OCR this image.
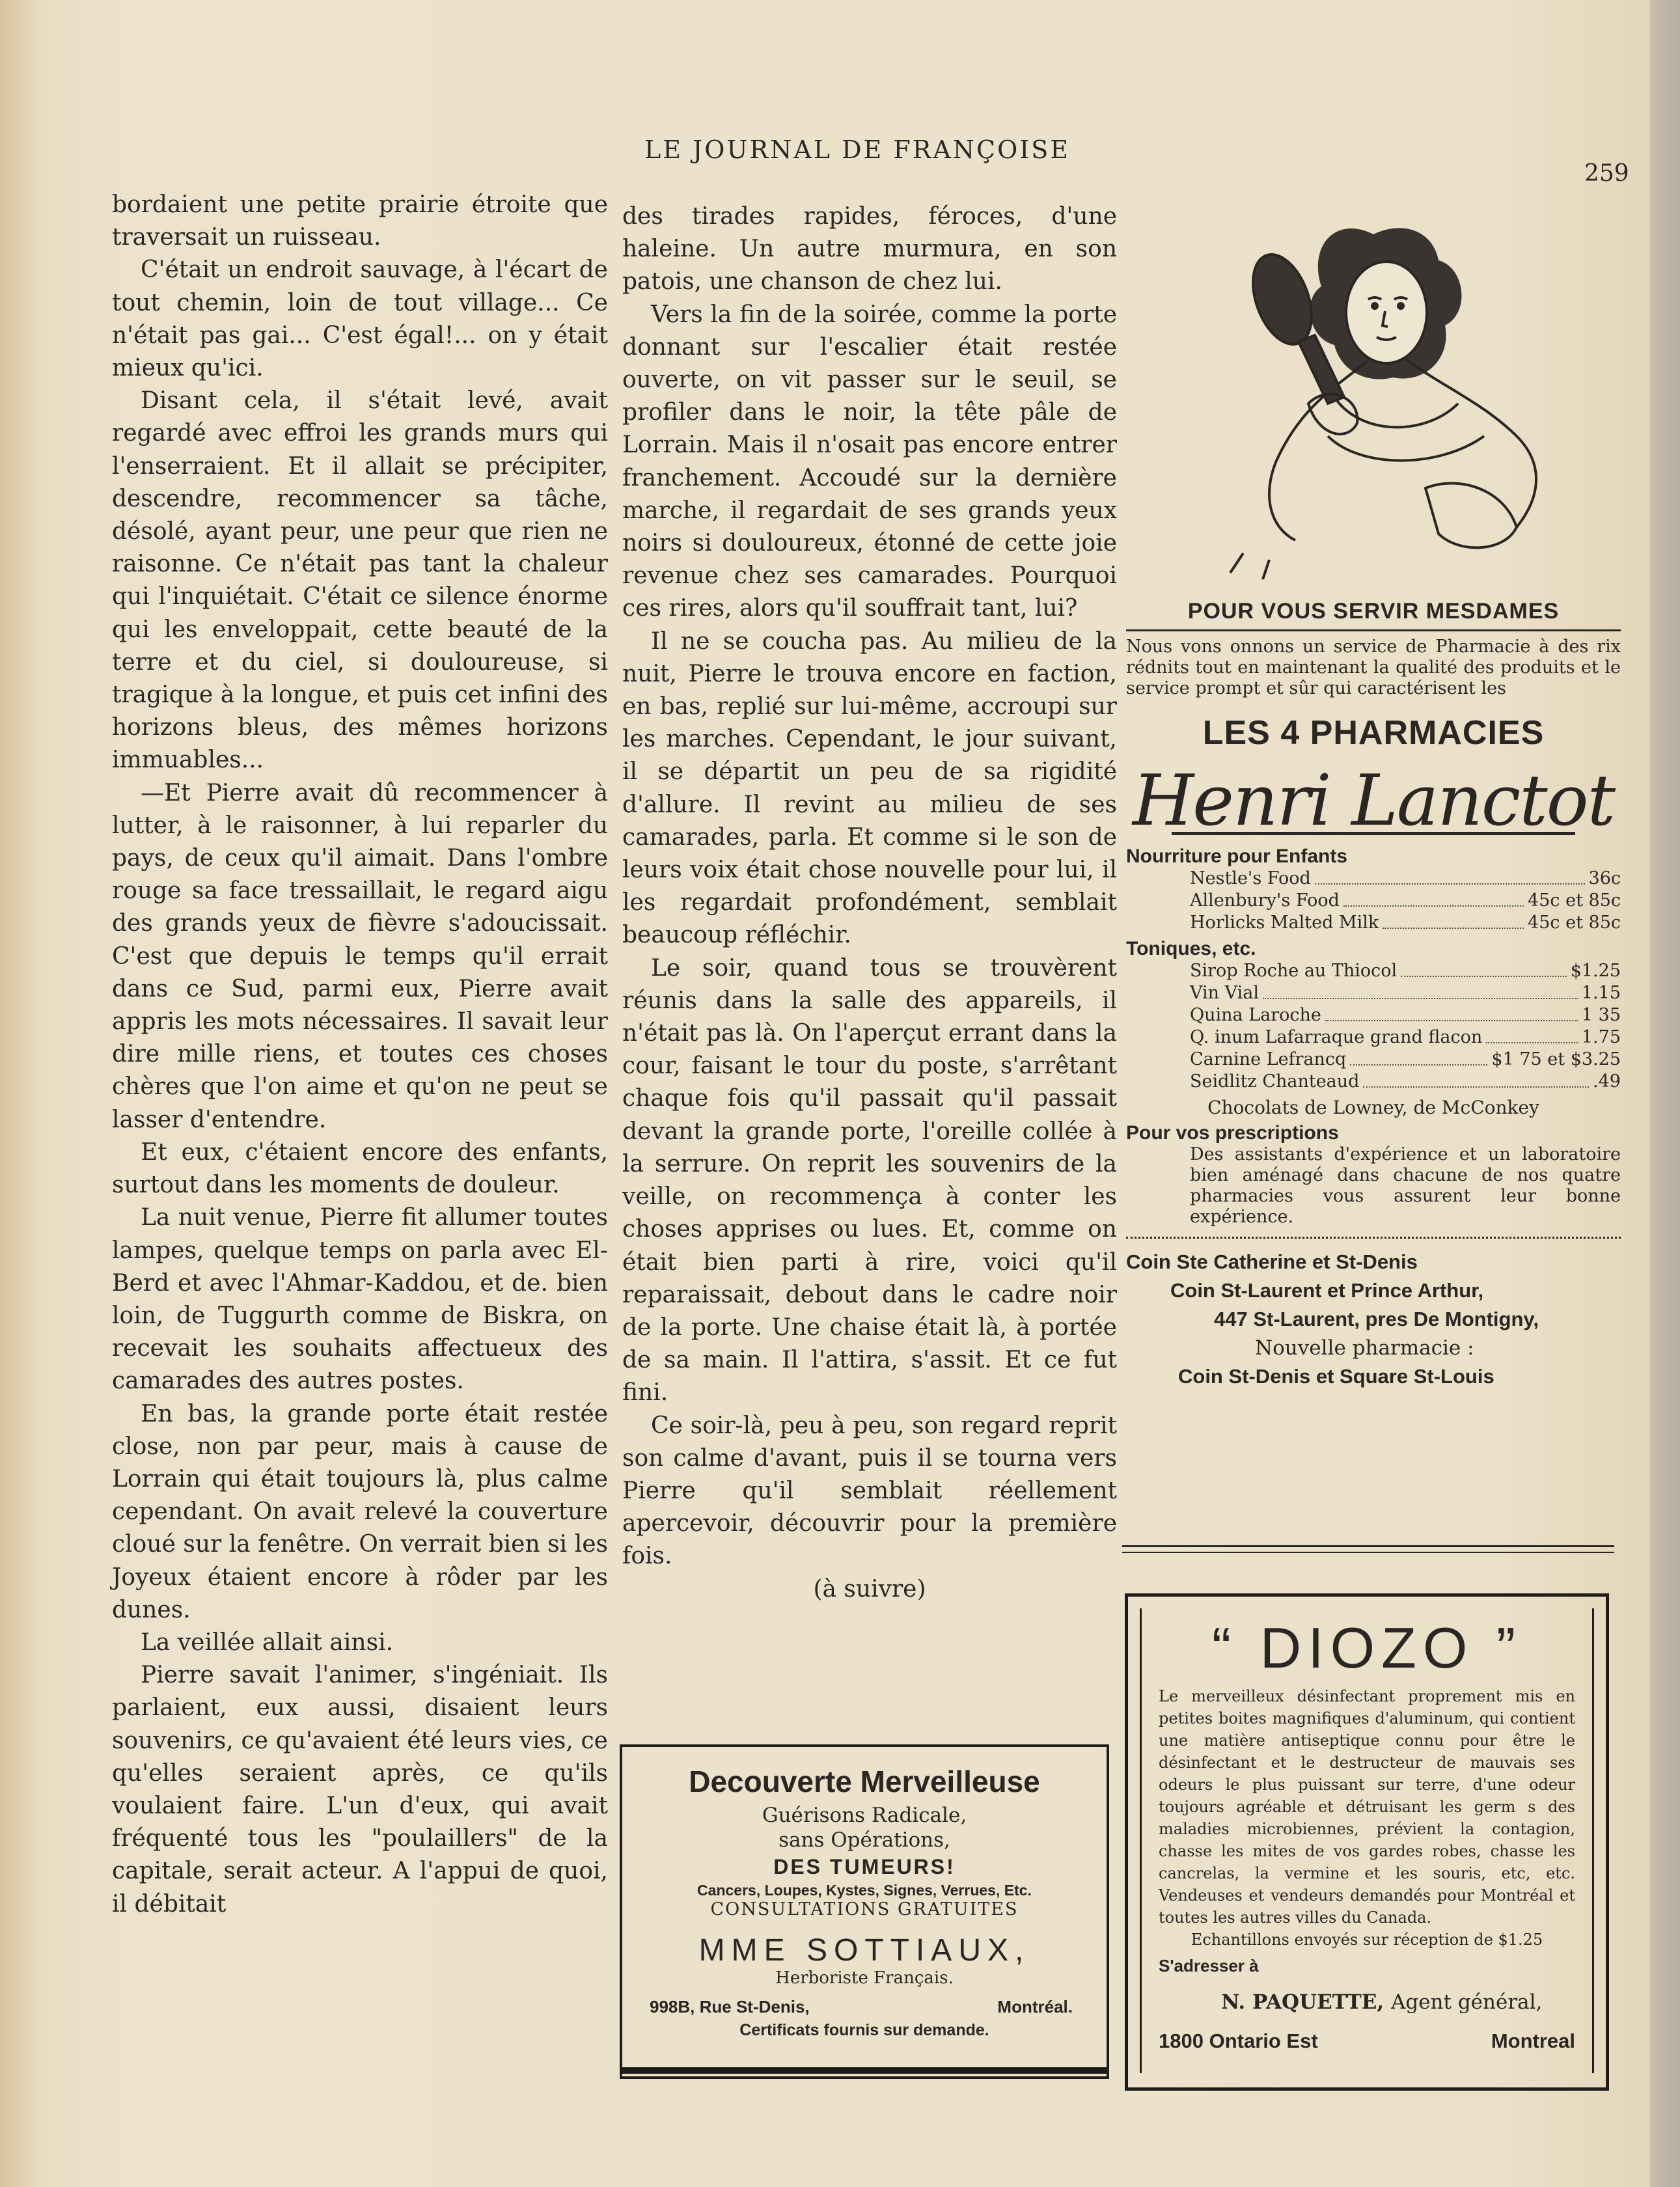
LE JOURNAL DE FRANÇOISE
259

bordaient une petite prairie étroite que traversait un ruisseau.

C'était un endroit sauvage, à l'écart de tout chemin, loin de tout village... Ce n'était pas gai... C'est égal!... on y était mieux qu'ici.

Disant cela, il s'était levé, avait regardé avec effroi les grands murs qui l'enserraient. Et il allait se précipiter, descendre, recommencer sa tâche, désolé, ayant peur, une peur que rien ne raisonne. Ce n'était pas tant la chaleur qui l'inquiétait. C'était ce silence énorme qui les enveloppait, cette beauté de la terre et du ciel, si douloureuse, si tragique à la longue, et puis cet infini des horizons bleus, des mêmes horizons immuables...

—Et Pierre avait dû recommencer à lutter, à le raisonner, à lui reparler du pays, de ceux qu'il aimait. Dans l'ombre rouge sa face tressaillait, le regard aigu des grands yeux de fièvre s'adoucissait. C'est que depuis le temps qu'il errait dans ce Sud, parmi eux, Pierre avait appris les mots nécessaires. Il savait leur dire mille riens, et toutes ces choses chères que l'on aime et qu'on ne peut se lasser d'entendre.

Et eux, c'étaient encore des enfants, surtout dans les moments de douleur.

La nuit venue, Pierre fit allumer toutes lampes, quelque temps on parla avec El-Berd et avec l'Ahmar-Kaddou, et de. bien loin, de Tuggurth comme de Biskra, on recevait les souhaits affectueux des camarades des autres postes.

En bas, la grande porte était restée close, non par peur, mais à cause de Lorrain qui était toujours là, plus calme cependant. On avait relevé la couverture cloué sur la fenêtre. On verrait bien si les Joyeux étaient encore à rôder par les dunes.

La veillée allait ainsi.

Pierre savait l'animer, s'ingéniait. Ils parlaient, eux aussi, disaient leurs souvenirs, ce qu'avaient été leurs vies, ce qu'elles seraient après, ce qu'ils voulaient faire. L'un d'eux, qui avait fréquenté tous les "poulaillers" de la capitale, serait acteur. A l'appui de quoi, il débitait

des tirades rapides, féroces, d'une haleine. Un autre murmura, en son patois, une chanson de chez lui.

Vers la fin de la soirée, comme la porte donnant sur l'escalier était restée ouverte, on vit passer sur le seuil, se profiler dans le noir, la tête pâle de Lorrain. Mais il n'osait pas encore entrer franchement. Accoudé sur la dernière marche, il regardait de ses grands yeux noirs si douloureux, étonné de cette joie revenue chez ses camarades. Pourquoi ces rires, alors qu'il souffrait tant, lui?

Il ne se coucha pas. Au milieu de la nuit, Pierre le trouva encore en faction, en bas, replié sur lui-même, accroupi sur les marches. Cependant, le jour suivant, il se départit un peu de sa rigidité d'allure. Il revint au milieu de ses camarades, parla. Et comme si le son de leurs voix était chose nouvelle pour lui, il les regardait profondément, semblait beaucoup réfléchir.

Le soir, quand tous se trouvèrent réunis dans la salle des appareils, il n'était pas là. On l'aperçut errant dans la cour, faisant le tour du poste, s'arrêtant chaque fois qu'il passait qu'il passait devant la grande porte, l'oreille collée à la serrure. On reprit les souvenirs de la veille, on recommença à conter les choses apprises ou lues. Et, comme on était bien parti à rire, voici qu'il reparaissait, debout dans le cadre noir de la porte. Une chaise était là, à portée de sa main. Il l'attira, s'assit. Et ce fut fini.

Ce soir-là, peu à peu, son regard reprit son calme d'avant, puis il se tourna vers Pierre qu'il semblait réellement apercevoir, découvrir pour la première fois.

(à suivre)

POUR VOUS SERVIR MESDAMES
Nous vons onnons un service de Pharmacie à des rix rédnits tout en maintenant la qualité des produits et le service prompt et sûr qui caractérisent les
LES 4 PHARMACIES
Henri Lanctot
Nourriture pour Enfants
Nestle's Food	36c
Allenbury's Food	45c et 85c
Horlicks Malted Milk	45c et 85c
Toniques, etc.
Sirop Roche au Thiocol	$1.25
Vin Vial	1.15
Quina Laroche	1 35
Q. inum Lafarraque grand flacon	1.75
Carnine Lefrancq	$1 75 et $3.25
Seidlitz Chanteaud	.49
Chocolats de Lowney, de McConkey
Pour vos prescriptions
Des assistants d'expérience et un laboratoire bien aménagé dans chacune de nos quatre pharmacies vous assurent leur bonne expérience.
Coin Ste Catherine et St-Denis
Coin St-Laurent et Prince Arthur,
447 St-Laurent, pres De Montigny,
Nouvelle pharmacie :
Coin St-Denis et Square St-Louis
“ DIOZO ”
Le merveilleux désinfectant proprement mis en petites boites magnifiques d'aluminum, qui contient une matière antiseptique connu pour être le désinfectant et le destructeur de mauvais ses odeurs le plus puissant sur terre, d'une odeur toujours agréable et détruisant les germ s des maladies microbiennes, prévient la contagion, chasse les mites de vos gardes robes, chasse les cancrelas, la vermine et les souris, etc, etc. Vendeuses et vendeurs demandés pour Montréal et toutes les autres villes du Canada.
Echantillons envoyés sur réception de $1.25
S'adresser à
N. PAQUETTE, Agent général,
1800 Ontario Est	Montreal
Decouverte Merveilleuse
Guérisons Radicale,
sans Opérations,
DES TUMEURS!
Cancers, Loupes, Kystes, Signes, Verrues, Etc.
CONSULTATIONS GRATUITES
MME SOTTIAUX,
Herboriste Français.
998B, Rue St-Denis,	Montréal.
Certificats fournis sur demande.
